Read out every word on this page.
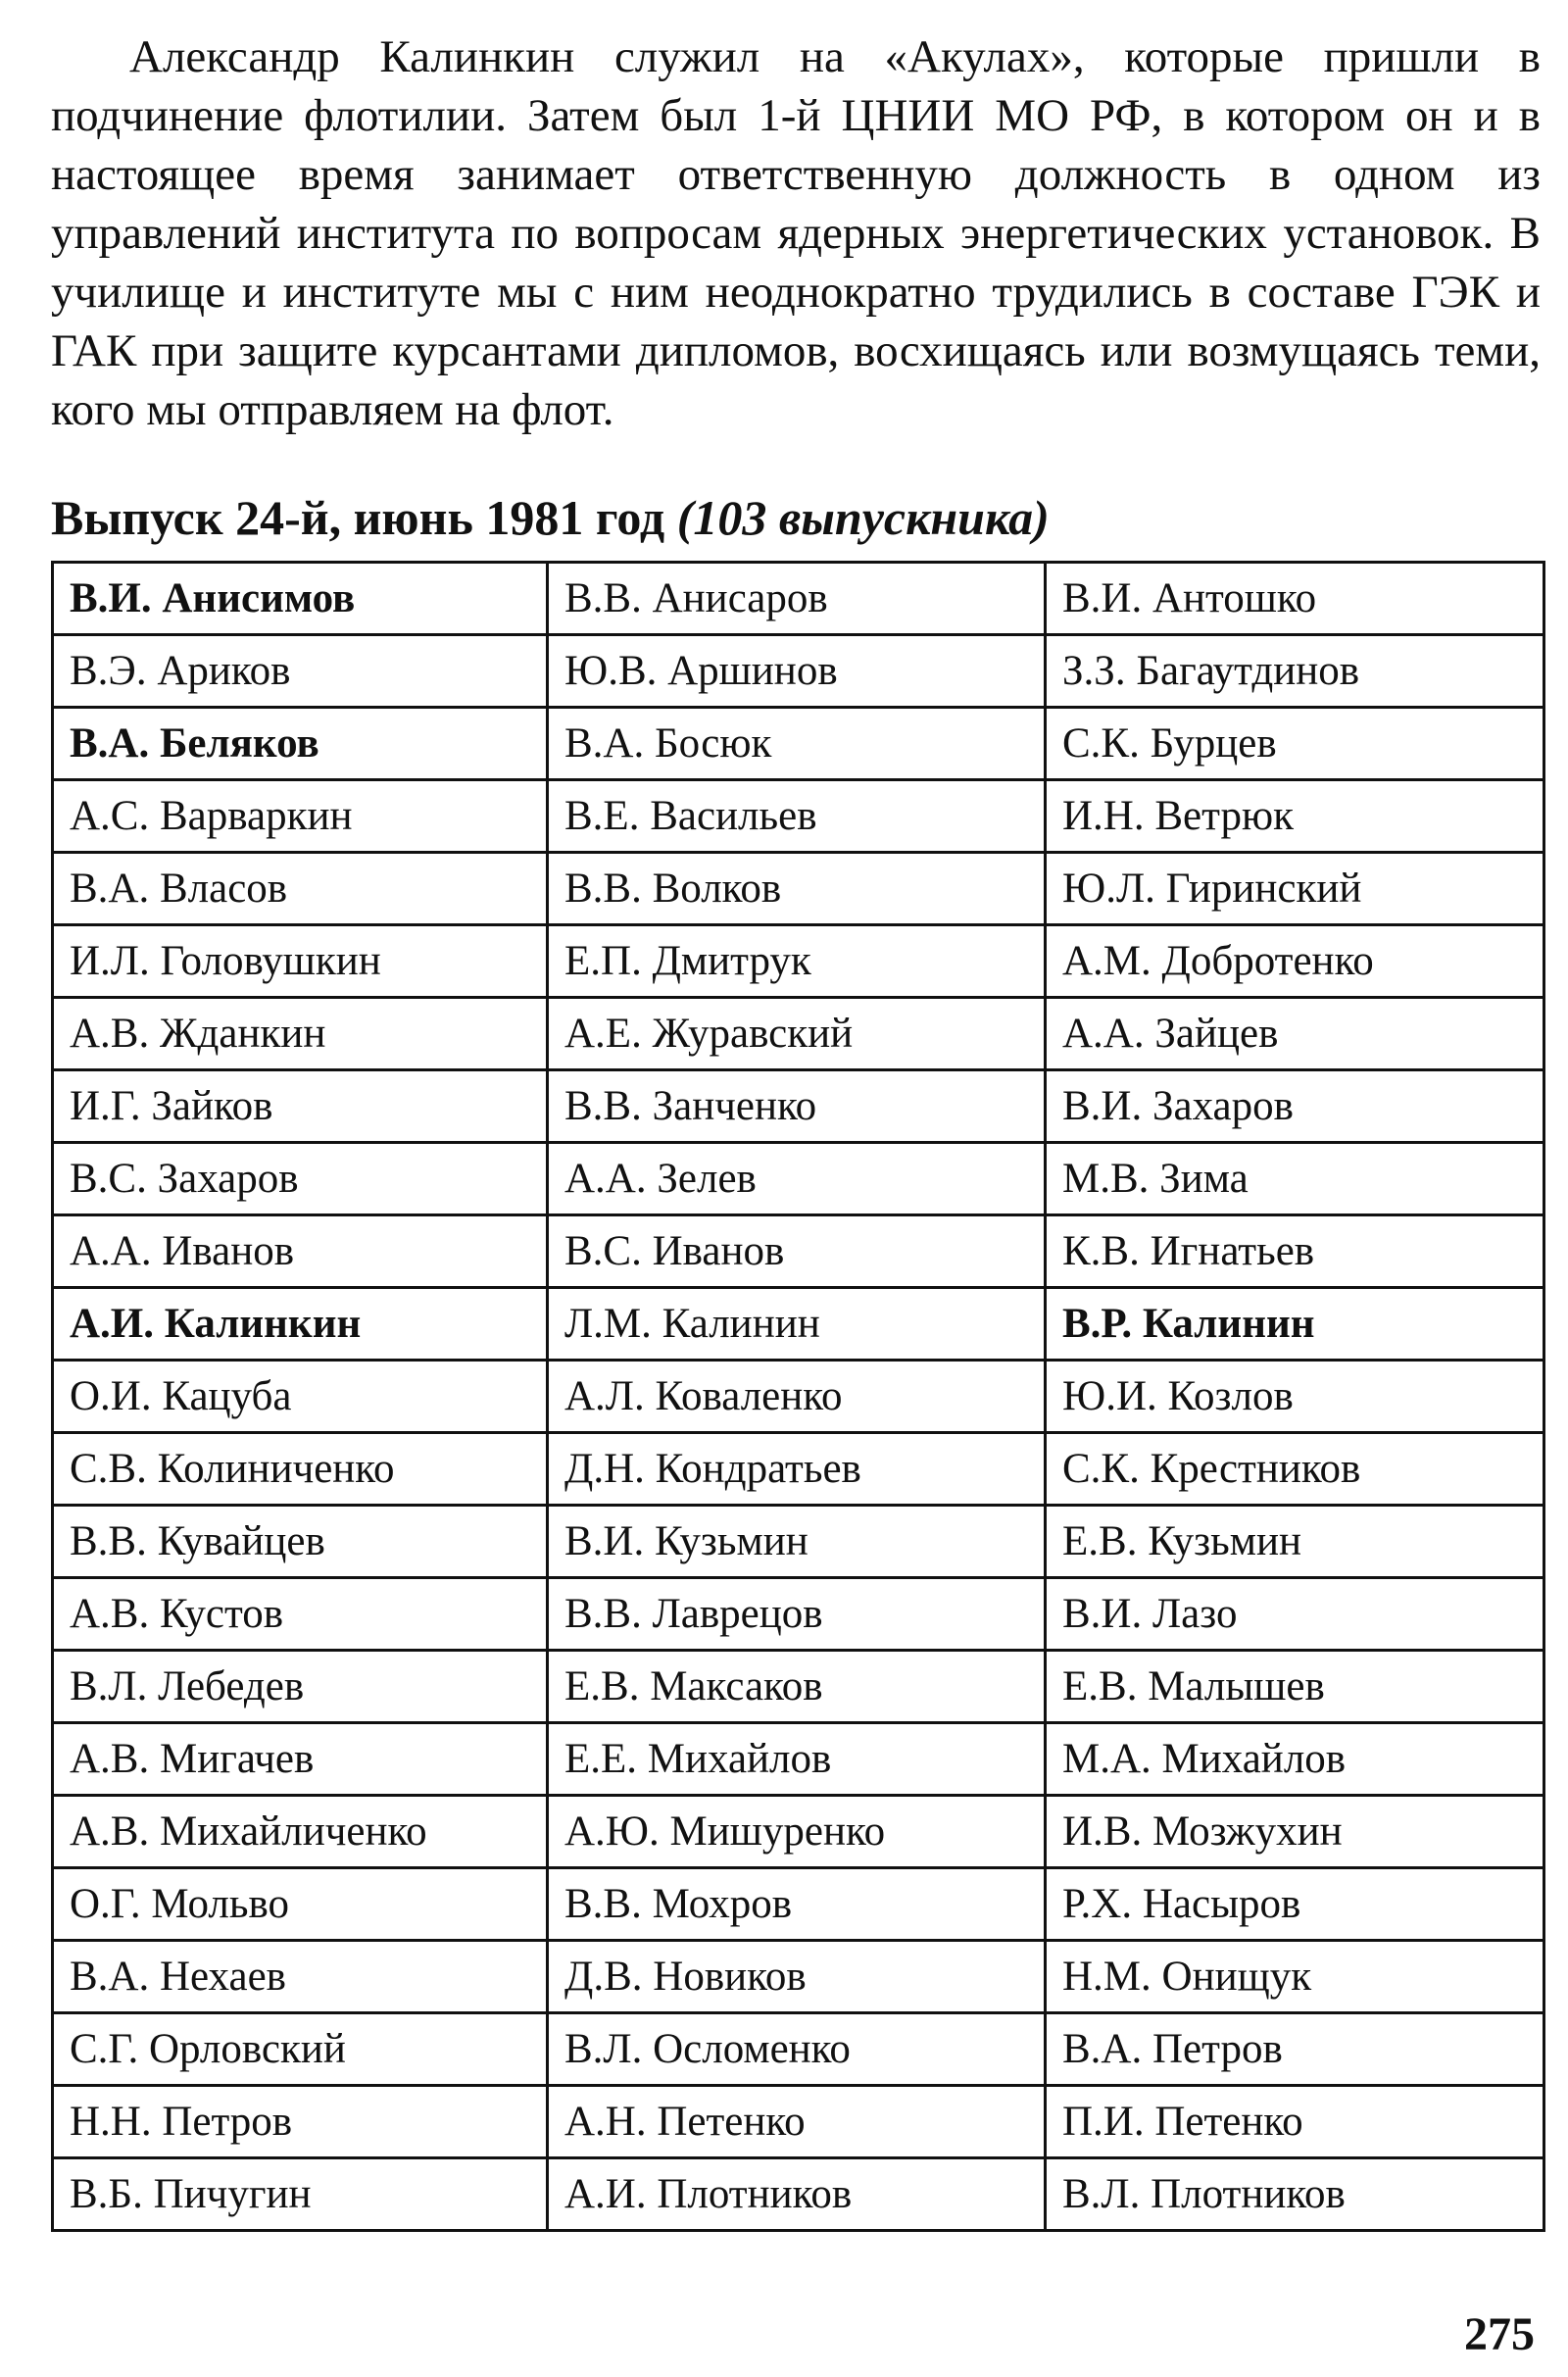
Александр Калинкин служил на «Акулах», которые пришли в подчинение флотилии. Затем был 1-й ЦНИИ МО РФ, в котором он и в настоящее время занимает ответственную должность в одном из управлений института по вопросам ядерных энергетических установок. В училище и институте мы с ним неоднократно трудились в составе ГЭК и ГАК при защите курсантами дипломов, восхищаясь или возмущаясь теми, кого мы отправляем на флот.

Выпуск 24-й, июнь 1981 год (103 выпускника)
В.И. Анисимов	В.В. Анисаров	В.И. Антошко
В.Э. Ариков	Ю.В. Аршинов	З.З. Багаутдинов
В.А. Беляков	В.А. Босюк	С.К. Бурцев
А.С. Варваркин	В.Е. Васильев	И.Н. Ветрюк
В.А. Власов	В.В. Волков	Ю.Л. Гиринский
И.Л. Головушкин	Е.П. Дмитрук	А.М. Добротенко
А.В. Жданкин	А.Е. Журавский	А.А. Зайцев
И.Г. Зайков	В.В. Занченко	В.И. Захаров
В.С. Захаров	А.А. Зелев	М.В. Зима
А.А. Иванов	В.С. Иванов	К.В. Игнатьев
А.И. Калинкин	Л.М. Калинин	В.Р. Калинин
О.И. Кацуба	А.Л. Коваленко	Ю.И. Козлов
С.В. Колиниченко	Д.Н. Кондратьев	С.К. Крестников
В.В. Кувайцев	В.И. Кузьмин	Е.В. Кузьмин
А.В. Кустов	В.В. Лаврецов	В.И. Лазо
В.Л. Лебедев	Е.В. Максаков	Е.В. Малышев
А.В. Мигачев	Е.Е. Михайлов	М.А. Михайлов
А.В. Михайличенко	А.Ю. Мишуренко	И.В. Мозжухин
О.Г. Мольво	В.В. Мохров	Р.Х. Насыров
В.А. Нехаев	Д.В. Новиков	Н.М. Онищук
С.Г. Орловский	В.Л. Осломенко	В.А. Петров
Н.Н. Петров	А.Н. Петенко	П.И. Петенко
В.Б. Пичугин	А.И. Плотников	В.Л. Плотников

275
